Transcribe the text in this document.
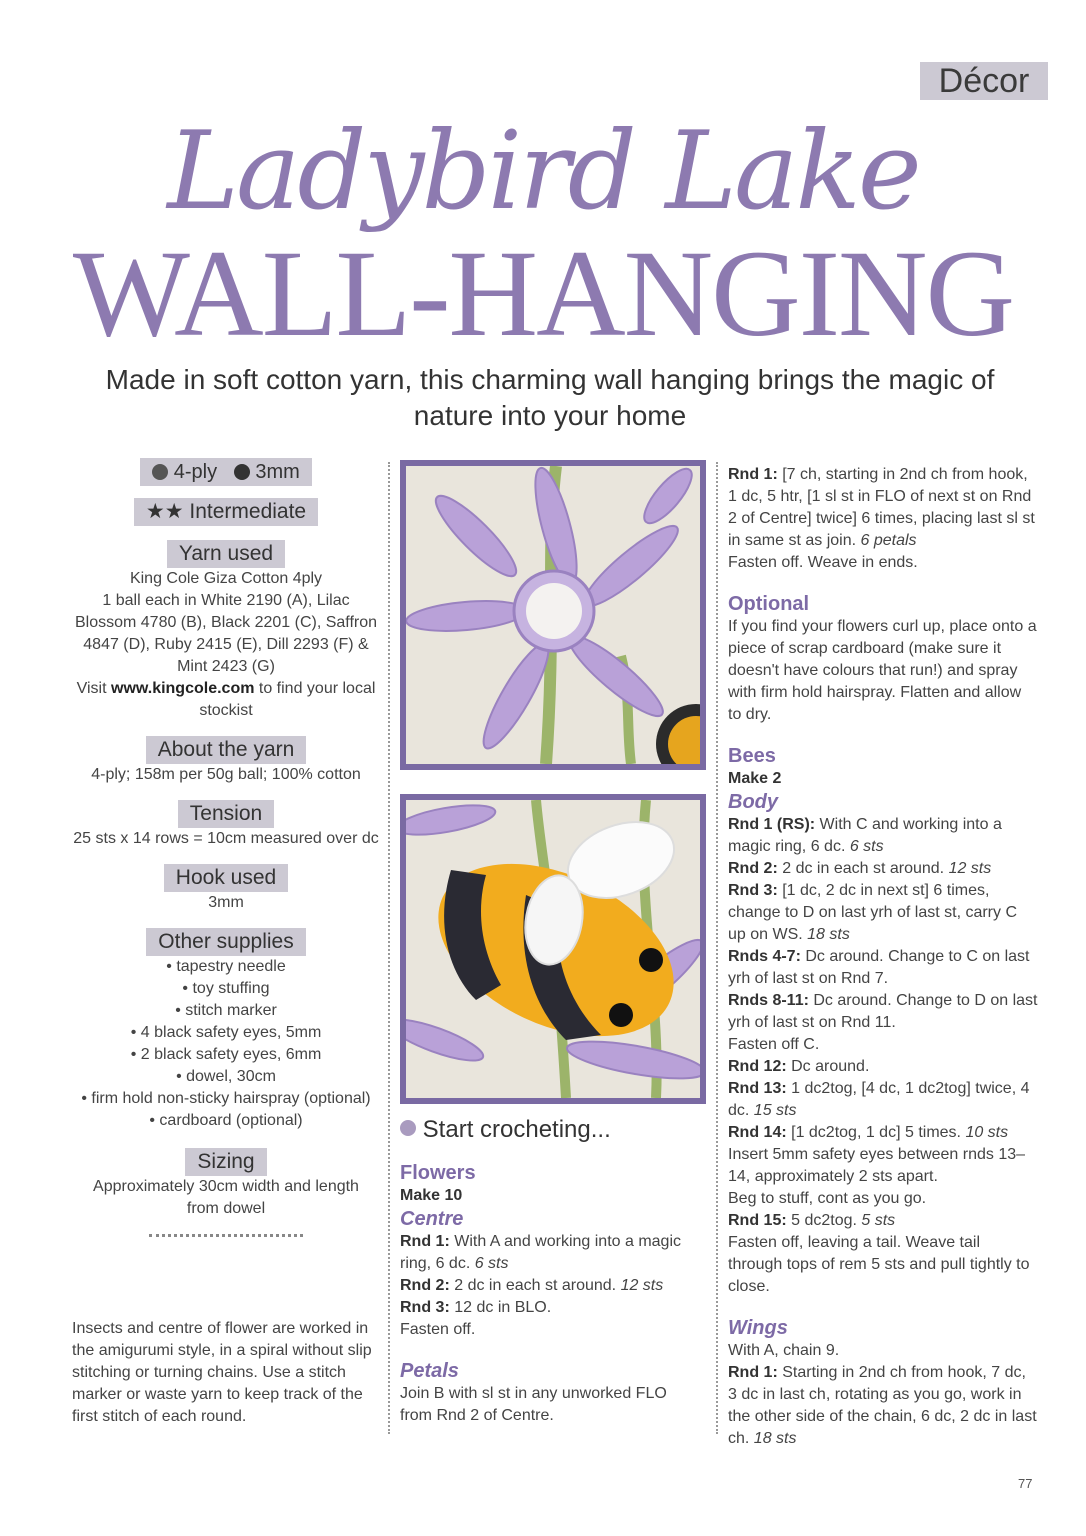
Décor
Ladybird Lake
WALL-HANGING
Made in soft cotton yarn, this charming wall hanging brings the magic of nature into your home
4-ply 3mm
★★ Intermediate
Yarn used
King Cole Giza Cotton 4ply
1 ball each in White 2190 (A), Lilac Blossom 4780 (B), Black 2201 (C), Saffron 4847 (D), Ruby 2415 (E), Dill 2293 (F) & Mint 2423 (G)
Visit www.kingcole.com to find your local stockist
About the yarn
4-ply; 158m per 50g ball; 100% cotton
Tension
25 sts x 14 rows = 10cm measured over dc
Hook used
3mm
Other supplies
• tapestry needle
• toy stuffing
• stitch marker
• 4 black safety eyes, 5mm
• 2 black safety eyes, 6mm
• dowel, 30cm
• firm hold non-sticky hairspray (optional)
• cardboard (optional)
Sizing
Approximately 30cm width and length from dowel
Insects and centre of flower are worked in the amigurumi style, in a spiral without slip stitching or turning chains. Use a stitch marker or waste yarn to keep track of the first stitch of each round.
Start crocheting...
Flowers
Make 10
Centre
Rnd 1: With A and working into a magic ring, 6 dc. 6 sts
Rnd 2: 2 dc in each st around. 12 sts
Rnd 3: 12 dc in BLO.
Fasten off.
Petals
Join B with sl st in any unworked FLO from Rnd 2 of Centre.
Rnd 1: [7 ch, starting in 2nd ch from hook, 1 dc, 5 htr, [1 sl st in FLO of next st on Rnd 2 of Centre] twice] 6 times, placing last sl st in same st as join. 6 petals
Fasten off. Weave in ends.
Optional
If you find your flowers curl up, place onto a piece of scrap cardboard (make sure it doesn't have colours that run!) and spray with firm hold hairspray. Flatten and allow to dry.
Bees
Make 2
Body
Rnd 1 (RS): With C and working into a magic ring, 6 dc. 6 sts
Rnd 2: 2 dc in each st around. 12 sts
Rnd 3: [1 dc, 2 dc in next st] 6 times, change to D on last yrh of last st, carry C up on WS. 18 sts
Rnds 4-7: Dc around. Change to C on last yrh of last st on Rnd 7.
Rnds 8-11: Dc around. Change to D on last yrh of last st on Rnd 11.
Fasten off C.
Rnd 12: Dc around.
Rnd 13: 1 dc2tog, [4 dc, 1 dc2tog] twice, 4 dc. 15 sts
Rnd 14: [1 dc2tog, 1 dc] 5 times. 10 sts
Insert 5mm safety eyes between rnds 13–14, approximately 2 sts apart.
Beg to stuff, cont as you go.
Rnd 15: 5 dc2tog. 5 sts
Fasten off, leaving a tail. Weave tail through tops of rem 5 sts and pull tightly to close.
Wings
With A, chain 9.
Rnd 1: Starting in 2nd ch from hook, 7 dc, 3 dc in last ch, rotating as you go, work in the other side of the chain, 6 dc, 2 dc in last ch. 18 sts
77
